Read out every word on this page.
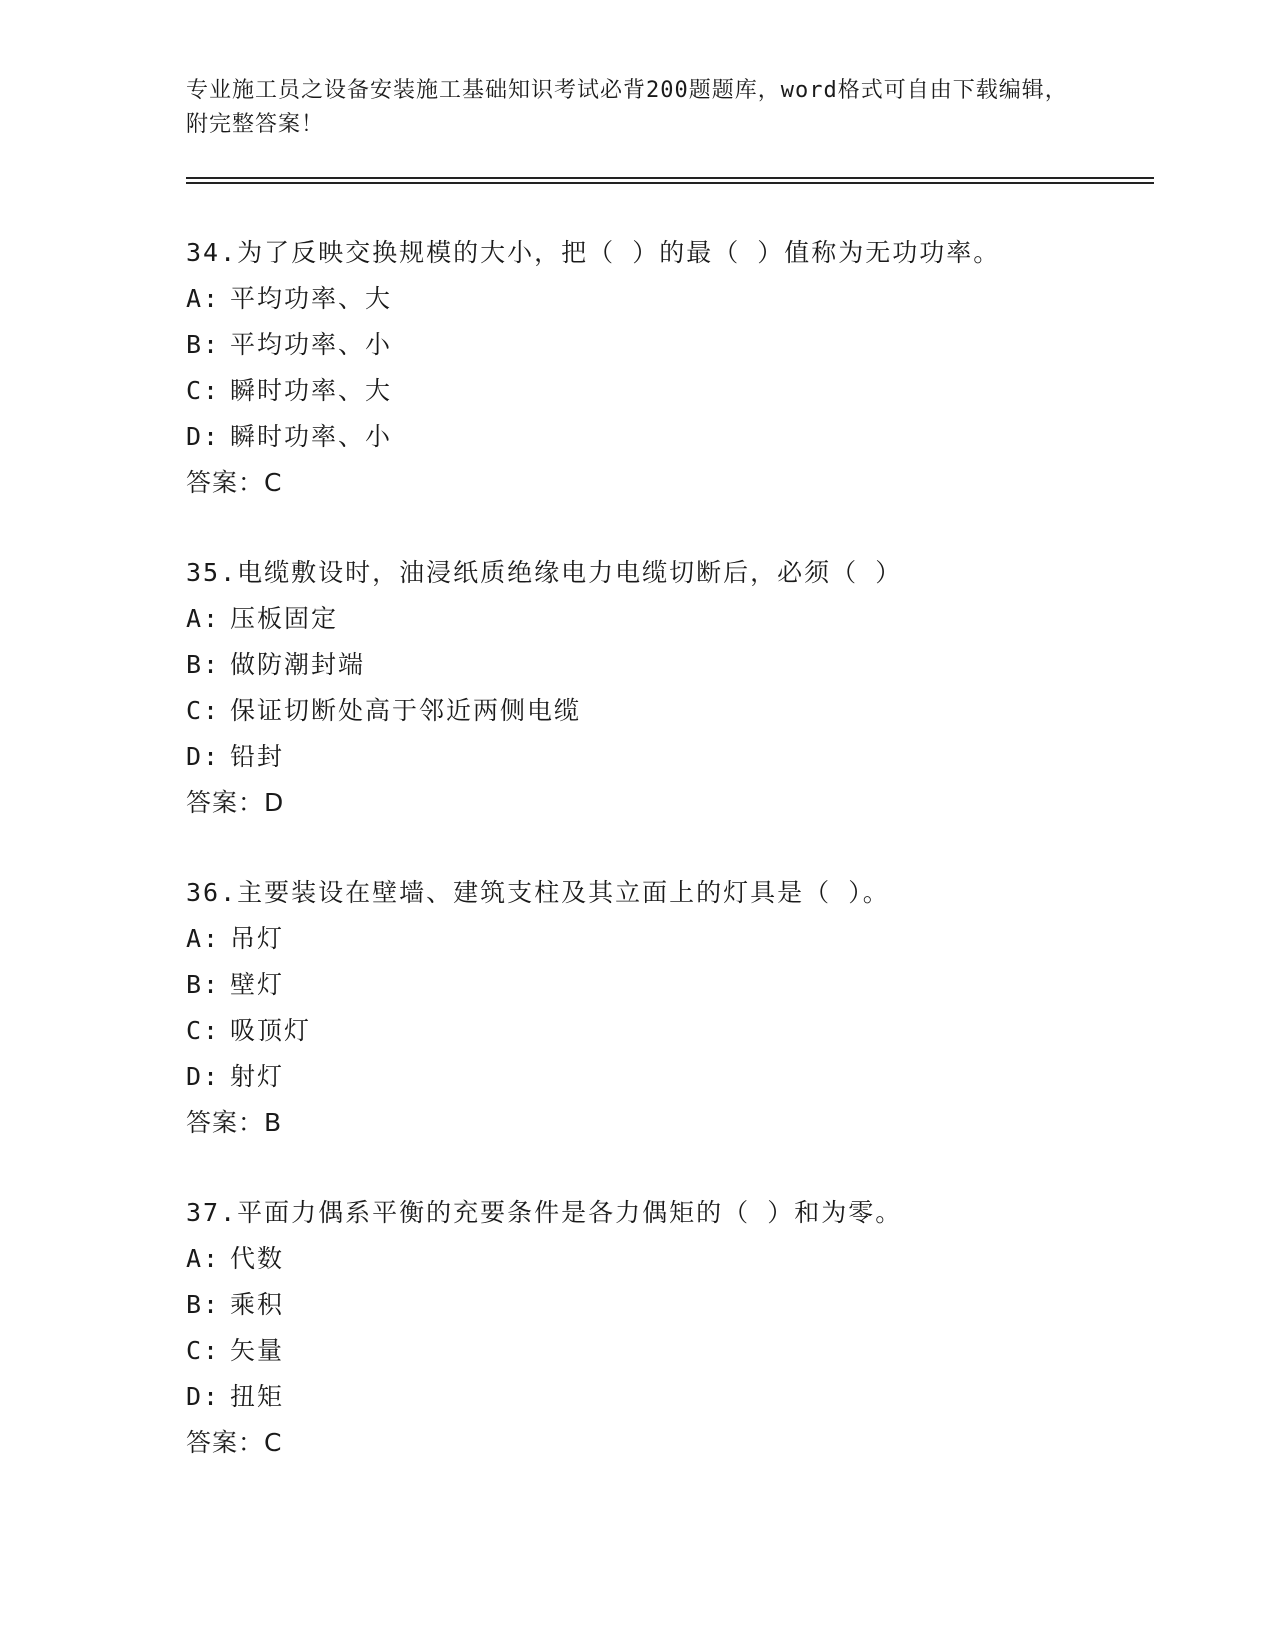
专业施工员之设备安装施工基础知识考试必背200题题库，word格式可自由下载编辑，附完整答案！
34.为了反映交换规模的大小，把（ ）的最（ ）值称为无功功率。
A: 平均功率、大
B: 平均功率、小
C: 瞬时功率、大
D: 瞬时功率、小
答案：C
35.电缆敷设时，油浸纸质绝缘电力电缆切断后，必须（ ）
A: 压板固定
B: 做防潮封端
C: 保证切断处高于邻近两侧电缆
D: 铅封
答案：D
36.主要装设在壁墙、建筑支柱及其立面上的灯具是（ ）。
A: 吊灯
B: 壁灯
C: 吸顶灯
D: 射灯
答案：B
37.平面力偶系平衡的充要条件是各力偶矩的（ ）和为零。
A: 代数
B: 乘积
C: 矢量
D: 扭矩
答案：C
